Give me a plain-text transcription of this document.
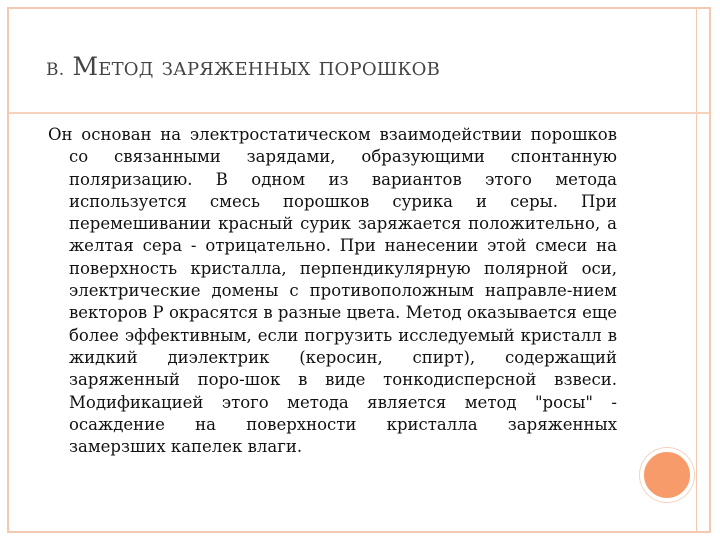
B. Метод заряженных порошков

Он основан на электростатическом взаимодействии порошков со связанными зарядами, образующими спонтанную поляризацию. В одном из вариантов этого метода используется смесь порошков сурика и серы. При перемешивании красный сурик заряжается положительно, а желтая сера - отрицательно. При нанесении этой смеси на поверхность кристалла, перпендикулярную полярной оси, электрические домены с противоположным направле-нием векторов Р окрасятся в разные цвета. Метод оказывается еще более эффективным, если погрузить исследуемый кристалл в жидкий диэлектрик (керосин, спирт), содержащий заряженный поро-шок в виде тонкодисперсной взвеси. Модификацией этого метода является метод "росы" - осаждение на поверхности кристалла заряженных замерзших капелек влаги.
